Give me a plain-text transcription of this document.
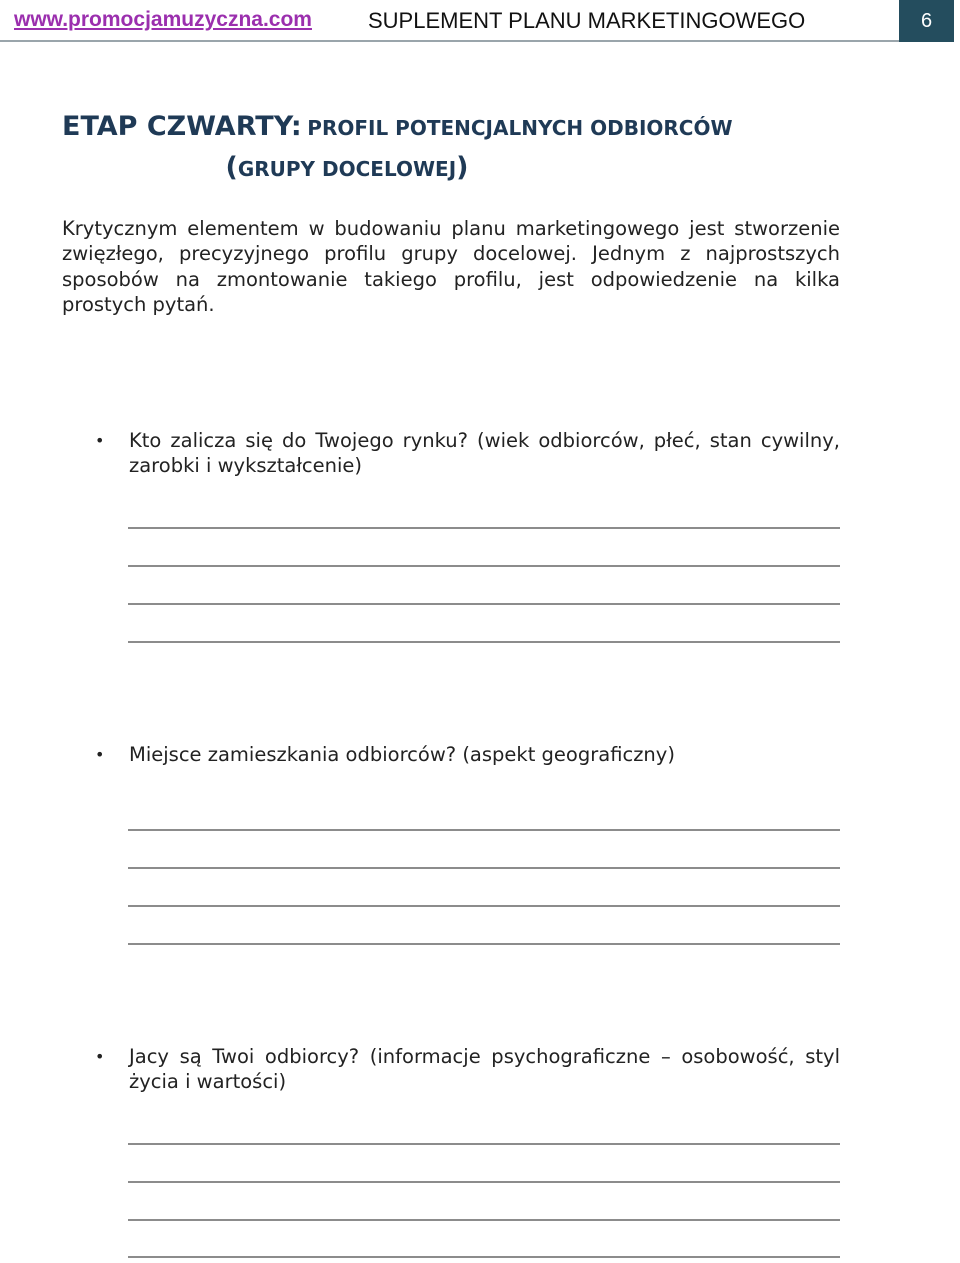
www.promocjamuzyczna.com	SUPLEMENT PLANU MARKETINGOWEGO	6
ETAP CZWARTY: PROFIL POTENCJALNYCH ODBIORCÓW
(GRUPY DOCELOWEJ)

Krytycznym elementem w budowaniu planu marketingowego jest stworzenie zwięzłego, precyzyjnego profilu grupy docelowej. Jednym z najprostszych sposobów na zmontowanie takiego profilu, jest odpowiedzenie na kilka prostych pytań.

• Kto zalicza się do Twojego rynku? (wiek odbiorców, płeć, stan cywilny, zarobki i wykształcenie)

• Miejsce zamieszkania odbiorców? (aspekt geograficzny)

• Jacy są Twoi odbiorcy? (informacje psychograficzne – osobowość, styl życia i wartości)
